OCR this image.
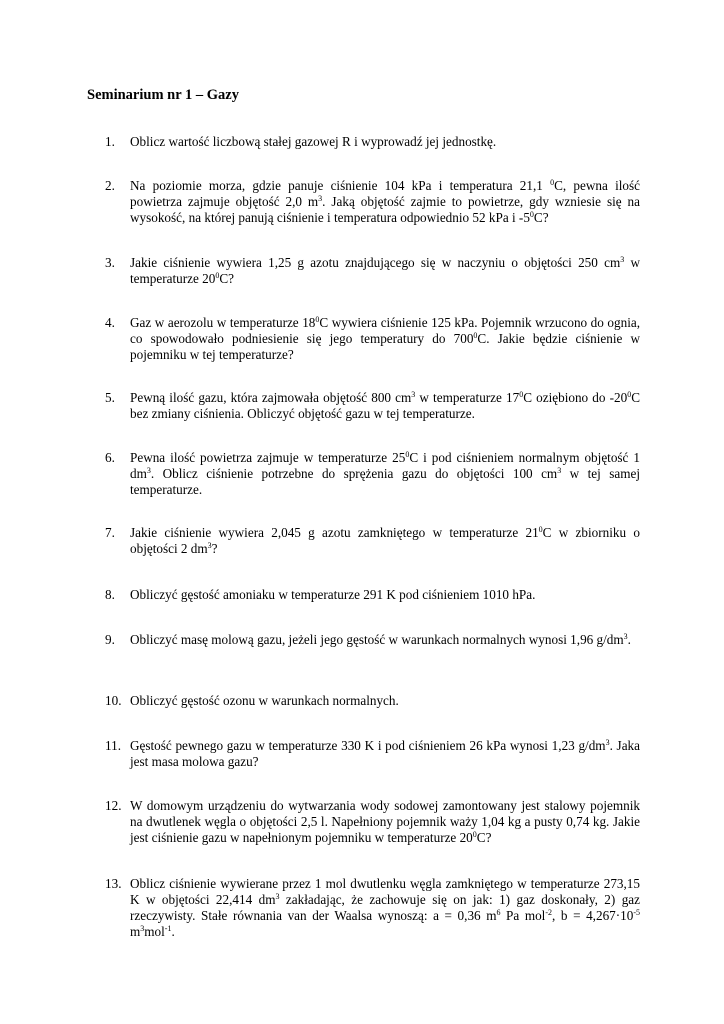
Seminarium nr 1 – Gazy
1. Oblicz wartość liczbową stałej gazowej R i wyprowadź jej jednostkę.
2. Na poziomie morza, gdzie panuje ciśnienie 104 kPa i temperatura 21,1 $^0$C, pewna ilość powietrza zajmuje objętość 2,0 $m^3$. Jaką objętość zajmie to powietrze, gdy wzniesie się na wysokość, na której panują ciśnienie i temperatura odpowiednio 52 kPa i $-5^0C$?
3. Jakie ciśnienie wywiera 1,25 g azotu znajdującego się w naczyniu o objętości 250 $cm^3$ w temperaturze $20^0C$?
4. Gaz w aerozolu w temperaturze $18^0C$ wywiera ciśnienie 125 kPa. Pojemnik wrzucono do ognia, co spowodowało podniesienie się jego temperatury do $700^0C$. Jakie będzie ciśnienie w pojemniku w tej temperaturze?
5. Pewną ilość gazu, która zajmowała objętość 800 $cm^3$ w temperaturze $17^0C$ oziębiono do $-20^0C$ bez zmiany ciśnienia. Obliczyć objętość gazu w tej temperaturze.
6. Pewna ilość powietrza zajmuje w temperaturze $25^0C$ i pod ciśnieniem normalnym objętość 1 $dm^3$. Oblicz ciśnienie potrzebne do sprężenia gazu do objętości 100 $cm^3$ w tej samej temperaturze.
7. Jakie ciśnienie wywiera 2,045 g azotu zamkniętego w temperaturze $21^0C$ w zbiorniku o objętości 2 $dm^3$?
8. Obliczyć gęstość amoniaku w temperaturze 291 K pod ciśnieniem 1010 hPa.
9. Obliczyć masę molową gazu, jeżeli jego gęstość w warunkach normalnych wynosi 1,96 $g/dm^3$.
10. Obliczyć gęstość ozonu w warunkach normalnych.
11. Gęstość pewnego gazu w temperaturze 330 K i pod ciśnieniem 26 kPa wynosi 1,23 $g/dm^3$. Jaka jest masa molowa gazu?
12. W domowym urządzeniu do wytwarzania wody sodowej zamontowany jest stalowy pojemnik na dwutlenek węgla o objętości 2,5 l. Napełniony pojemnik waży 1,04 kg a pusty 0,74 kg. Jakie jest ciśnienie gazu w napełnionym pojemniku w temperaturze $20^0C$?
13. Oblicz ciśnienie wywierane przez 1 mol dwutlenku węgla zamkniętego w temperaturze 273,15 K w objętości 22,414 $dm^3$ zakładając, że zachowuje się on jak: 1) gaz doskonały, 2) gaz rzeczywisty. Stałe równania van der Waalsa wynoszą: a = 0,36 $m^6$ Pa mol$^{-2}$, $b = 4,267\cdot 10^{-5}$ $m^3mol^{-1}$.
